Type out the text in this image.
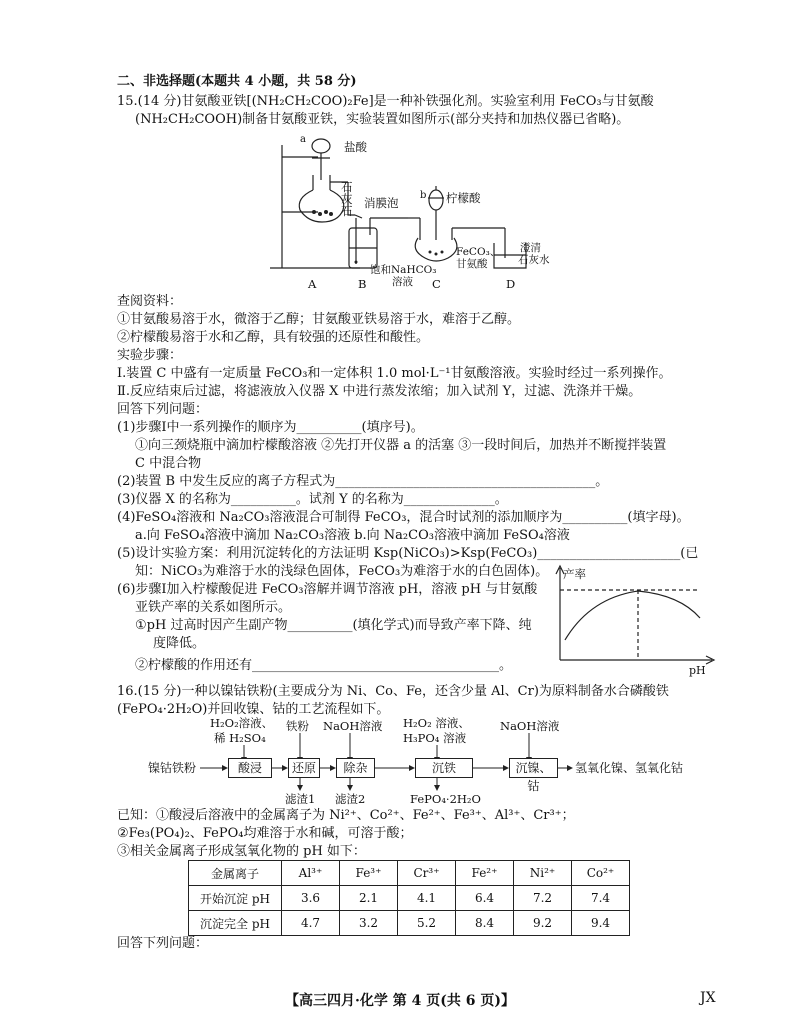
二、非选择题(本题共 4 小题，共 58 分)
15.(14 分)甘氨酸亚铁[(NH₂CH₂COO)₂Fe]是一种补铁强化剂。实验室利用 FeCO₃与甘氨酸
(NH₂CH₂COOH)制备甘氨酸亚铁，实验装置如图所示(部分夹持和加热仪器已省略)。
a
盐酸
石
灰
石
消膜泡
b 柠檬酸
饱和NaHCO₃
溶液
FeCO₃、
甘氨酸
澄清
石灰水
A	B	C	D
查阅资料：
①甘氨酸易溶于水，微溶于乙醇；甘氨酸亚铁易溶于水，难溶于乙醇。
②柠檬酸易溶于水和乙醇，具有较强的还原性和酸性。
实验步骤：
Ⅰ.装置 C 中盛有一定质量 FeCO₃和一定体积 1.0 mol·L⁻¹甘氨酸溶液。实验时经过一系列操作。
Ⅱ.反应结束后过滤，将滤液放入仪器 X 中进行蒸发浓缩；加入试剂 Y，过滤、洗涤并干燥。
回答下列问题：
(1)步骤Ⅰ中一系列操作的顺序为__________(填序号)。
①向三颈烧瓶中滴加柠檬酸溶液 ②先打开仪器 a 的活塞 ③一段时间后，加热并不断搅拌装置
C 中混合物
(2)装置 B 中发生反应的离子方程式为________________________________________。
(3)仪器 X 的名称为__________。试剂 Y 的名称为______________。
(4)FeSO₄溶液和 Na₂CO₃溶液混合可制得 FeCO₃，混合时试剂的添加顺序为__________(填字母)。
a.向 FeSO₄溶液中滴加 Na₂CO₃溶液 b.向 Na₂CO₃溶液中滴加 FeSO₄溶液
(5)设计实验方案：利用沉淀转化的方法证明 Ksp(NiCO₃)>Ksp(FeCO₃)______________________(已
知：NiCO₃为难溶于水的浅绿色固体，FeCO₃为难溶于水的白色固体)。
(6)步骤Ⅰ加入柠檬酸促进 FeCO₃溶解并调节溶液 pH，溶液 pH 与甘氨酸
亚铁产率的关系如图所示。
①pH 过高时因产生副产物__________(填化学式)而导致产率下降、纯
度降低。
②柠檬酸的作用还有______________________________________。
产率
pH
16.(15 分)一种以镍钴铁粉(主要成分为 Ni、Co、Fe，还含少量 Al、Cr)为原料制备水合磷酸铁
(FePO₄·2H₂O)并回收镍、钴的工艺流程如下。
H₂O₂溶液、
稀 H₂SO₄
铁粉 NaOH溶液 H₂O₂ 溶液、
H₃PO₄ 溶液
NaOH溶液
镍钴铁粉	酸浸	还原	除杂	沉铁	沉镍、钴
氢氧化镍、氢氧化钴
滤渣1 滤渣2	FePO₄·2H₂O
已知：①酸浸后溶液中的金属离子为 Ni²⁺、Co²⁺、Fe²⁺、Fe³⁺、Al³⁺、Cr³⁺；
②Fe₃(PO₄)₂、FePO₄均难溶于水和碱，可溶于酸；
③相关金属离子形成氢氧化物的 pH 如下：
金属离子	Al³⁺	Fe³⁺	Cr³⁺	Fe²⁺	Ni²⁺	Co²⁺
开始沉淀 pH	3.6	2.1	4.1	6.4	7.2	7.4
沉淀完全 pH	4.7	3.2	5.2	8.4	9.2	9.4
回答下列问题：
【高三四月·化学 第 4 页(共 6 页)】	JX
